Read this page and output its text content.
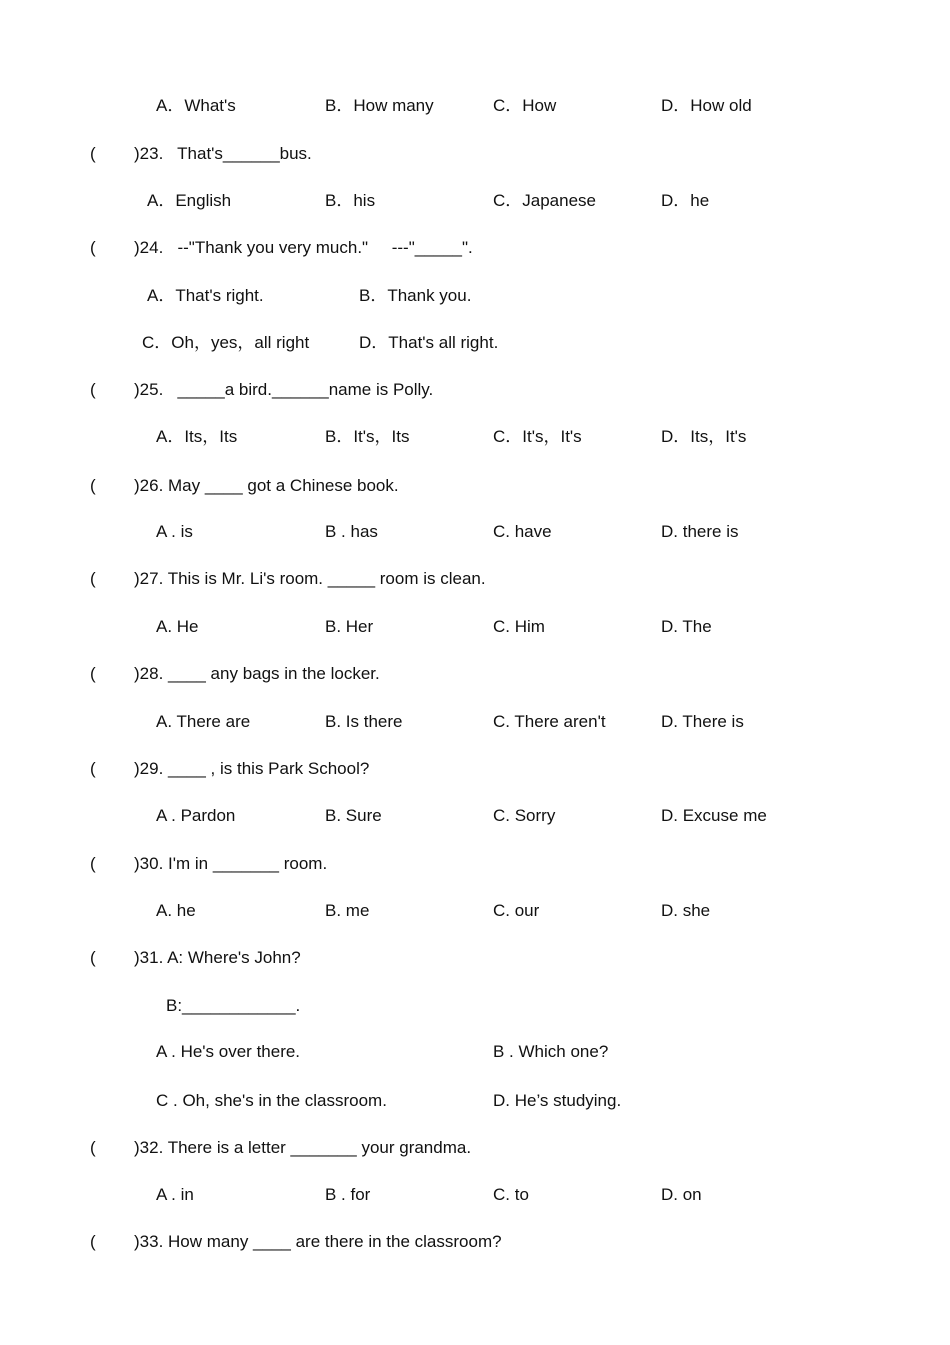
A．What's	B．How many	C．How	D．How old
( )23.   That's______bus.
A．English	B．his	C．Japanese	D．he
( )24.   --"Thank you very much."     ---"_____".
A．That's right.	B．Thank you.
C．Oh，yes，all right	D．That's all right.
( )25.   _____a bird.______name is Polly.
A．Its，Its	B．It's，Its	C．It's，It's	D．Its，It's
( )26. May ____ got a Chinese book.
A . is	B . has	C. have	D. there is
( )27. This is Mr. Li's room. _____ room is clean.
A. He	B. Her	C. Him	D. The
( )28. ____ any bags in the locker.
A. There are	B. Is there	C. There aren't	D. There is
( )29. ____ , is this Park School?
A . Pardon	B. Sure	C. Sorry	D. Excuse me
( )30. I'm in _______ room.
A. he	B. me	C. our	D. she
( )31. A: Where's John?
B:____________.
A . He's over there.	B . Which one?
C . Oh, she's in the classroom.	D. He’s studying.
( )32. There is a letter _______ your grandma.
A . in	B . for	C. to	D. on
( )33. How many ____ are there in the classroom?
